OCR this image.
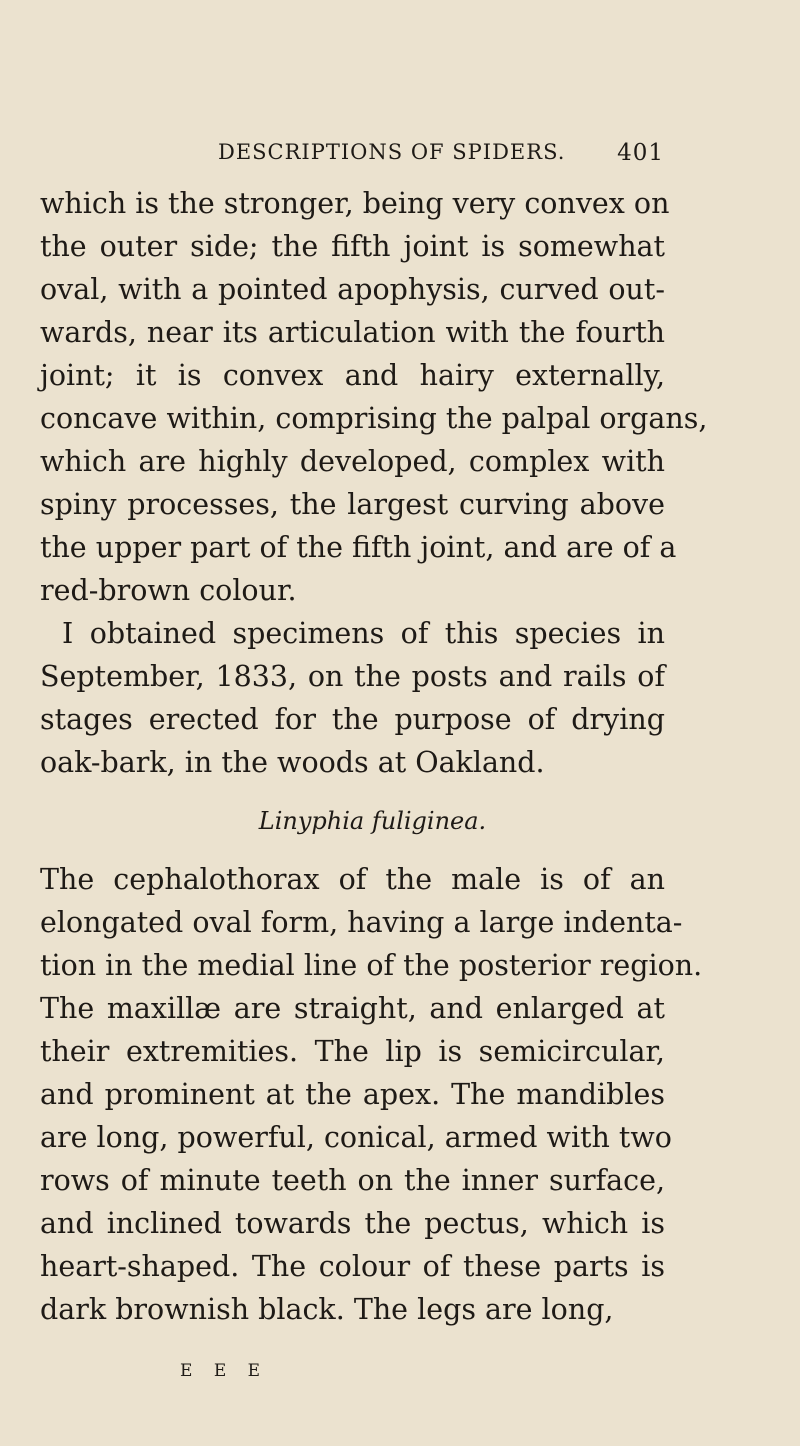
DESCRIPTIONS OF SPIDERS. 401
which is the stronger, being very convex on
the outer side; the fifth joint is somewhat
oval, with a pointed apophysis, curved out-
wards, near its articulation with the fourth
joint; it is convex and hairy externally,
concave within, comprising the palpal organs,
which are highly developed, complex with
spiny processes, the largest curving above
the upper part of the fifth joint, and are of a
red-brown colour.
I obtained specimens of this species in
September, 1833, on the posts and rails of
stages erected for the purpose of drying
oak-bark, in the woods at Oakland.
Linyphia fuliginea.
The cephalothorax of the male is of an
elongated oval form, having a large indenta-
tion in the medial line of the posterior region.
The maxillæ are straight, and enlarged at
their extremities. The lip is semicircular,
and prominent at the apex. The mandibles
are long, powerful, conical, armed with two
rows of minute teeth on the inner surface,
and inclined towards the pectus, which is
heart-shaped. The colour of these parts is
dark brownish black. The legs are long,
E E E
